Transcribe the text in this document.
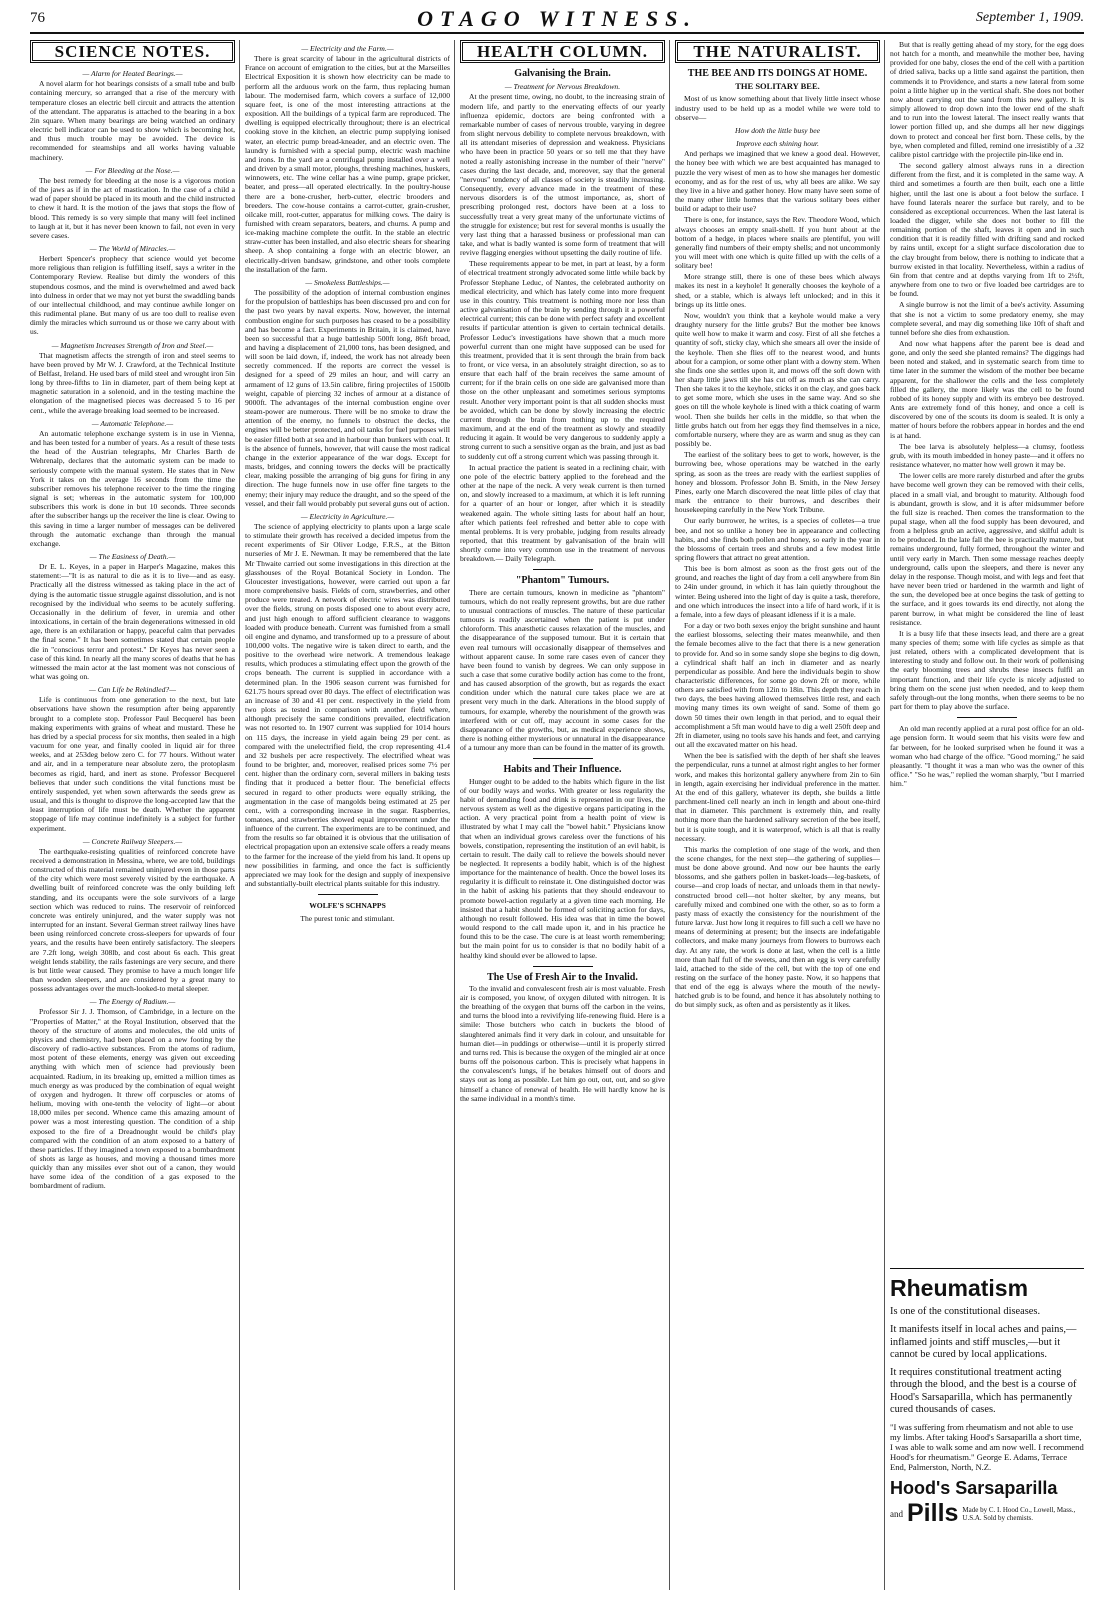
76	OTAGO WITNESS.	September 1, 1909.
SCIENCE NOTES.
— Alarm for Heated Bearings.—

A novel alarm for hot bearings consists of a small tube and bulb containing mercury, so arranged that a rise of the mercury with temperature closes an electric bell circuit and attracts the attention of the attendant. The apparatus is attached to the bearing in a box 2in square. When many bearings are being watched an ordinary electric bell indicator can be used to show which is becoming hot, and thus much trouble may be avoided. The device is recommended for steamships and all works having valuable machinery.

— For Bleeding at the Nose.—

The best remedy for bleeding at the nose is a vigorous motion of the jaws as if in the act of mastication. In the case of a child a wad of paper should be placed in its mouth and the child instructed to chew it hard. It is the motion of the jaws that stops the flow of blood. This remedy is so very simple that many will feel inclined to laugh at it, but it has never been known to fail, not even in very severe cases.

— The World of Miracles.—

Herbert Spencer's prophecy that science would yet become more religious than religion is fulfilling itself, says a writer in the Contemporary Review. Realise but dimly the wonders of this stupendous cosmos, and the mind is overwhelmed and awed back into dulness in order that we may not yet burst the swaddling bands of our intellectual childhood, and may continue awhile longer on this rudimental plane. But many of us are too dull to realise even dimly the miracles which surround us or those we carry about with us.

— Magnetism Increases Strength of Iron and Steel.—

That magnetism affects the strength of iron and steel seems to have been proved by Mr W. J. Crawford, at the Technical Institute of Belfast, Ireland. He used bars of mild steel and wrought iron 5in long by three-fifths to 1in in diameter, part of them being kept at magnetic saturation in a solenoid, and in the testing machine the elongation of the magnetised pieces was decreased 5 to 16 per cent., while the average breaking load seemed to be increased.

— Automatic Telephone.—

An automatic telephone exchange system is in use in Vienna, and has been tested for a number of years. As a result of these tests the head of the Austrian telegraphs, Mr Charles Barth de Wehrenalp, declares that the automatic system can be made to seriously compete with the manual system. He states that in New York it takes on the average 16 seconds from the time the subscriber removes his telephone receiver to the time the ringing signal is set; whereas in the automatic system for 100,000 subscribers this work is done in but 10 seconds. Three seconds after the subscriber hangs up the receiver the line is clear. Owing to this saving in time a larger number of messages can be delivered through the automatic exchange than through the manual exchange.

— The Easiness of Death.—

Dr E. L. Keyes, in a paper in Harper's Magazine, makes this statement:—"It is as natural to die as it is to live—and as easy. Practically all the distress witnessed as taking place in the act of dying is the automatic tissue struggle against dissolution, and is not recognised by the individual who seems to be acutely suffering. Occasionally in the delirium of fever, in uremia and other intoxications, in certain of the brain degenerations witnessed in old age, there is an exhilaration or happy, peaceful calm that pervades the final scene." It has been sometimes stated that certain people die in "conscious terror and protest." Dr Keyes has never seen a case of this kind. In nearly all the many scores of deaths that he has witnessed the main actor at the last moment was not conscious of what was going on.

— Can Life be Rekindled?—

Life is continuous from one generation to the next, but late observations have shown the resumption after being apparently brought to a complete stop. Professor Paul Becquerel has been making experiments with grains of wheat and mustard. These he has dried by a special process for six months, then sealed in a high vacuum for one year, and finally cooled in liquid air for three weeks, and at 253deg below zero C. for 77 hours. Without water and air, and in a temperature near absolute zero, the protoplasm becomes as rigid, hard, and inert as stone. Professor Becquerel believes that under such conditions the vital functions must be entirely suspended, yet when sown afterwards the seeds grew as usual, and this is thought to disprove the long-accepted law that the least interruption of life must be death. Whether the apparent stoppage of life may continue indefinitely is a subject for further experiment.

— Concrete Railway Sleepers.—

The earthquake-resisting qualities of reinforced concrete have received a demonstration in Messina, where, we are told, buildings constructed of this material remained uninjured even in those parts of the city which were most severely visited by the earthquake. A dwelling built of reinforced concrete was the only building left standing, and its occupants were the sole survivors of a large section which was reduced to ruins. The reservoir of reinforced concrete was entirely uninjured, and the water supply was not interrupted for an instant. Several German street railway lines have been using reinforced concrete cross-sleepers for upwards of four years, and the results have been entirely satisfactory. The sleepers are 7.2ft long, weigh 308lb, and cost about 6s each. This great weight lends stability, the rails fastenings are very secure, and there is but little wear caused. They promise to have a much longer life than wooden sleepers, and are considered by a great many to possess advantages over the much-looked-to metal sleeper.

— The Energy of Radium.—

Professor Sir J. J. Thomson, of Cambridge, in a lecture on the "Properties of Matter," at the Royal Institution, observed that the theory of the structure of atoms and molecules, the old units of physics and chemistry, had been placed on a new footing by the discovery of radio-active substances. From the atoms of radium, most potent of these elements, energy was given out exceeding anything with which men of science had previously been acquainted. Radium, in its breaking up, emitted a million times as much energy as was produced by the combination of equal weight of oxygen and hydrogen. It threw off corpuscles or atoms of helium, moving with one-tenth the velocity of light—or about 18,000 miles per second. Whence came this amazing amount of power was a most interesting question. The condition of a ship exposed to the fire of a Dreadnought would be child's play compared with the condition of an atom exposed to a battery of these particles. If they imagined a town exposed to a bombardment of shots as large as houses, and moving a thousand times more quickly than any missiles ever shot out of a canon, they would have some idea of the condition of a gas exposed to the bombardment of radium.

— Electricity and the Farm.—

There is great scarcity of labour in the agricultural districts of France on account of emigration to the cities, but at the Marseilles Electrical Exposition it is shown how electricity can be made to perform all the arduous work on the farm, thus replacing human labour. The modernised farm, which covers a surface of 12,000 square feet, is one of the most interesting attractions at the exposition. All the buildings of a typical farm are reproduced. The dwelling is equipped electrically throughout; there is an electrical cooking stove in the kitchen, an electric pump supplying ionised water, an electric pump bread-kneader, and an electric oven. The laundry is furnished with a special pump, electric wash machine and irons. In the yard are a centrifugal pump installed over a well and driven by a small motor, ploughs, threshing machines, huskers, winnowers, etc. The wine cellar has a wine pump, grape pricker, beater, and press—all operated electrically. In the poultry-house there are a bone-crusher, herb-cutter, electric brooders and breeders. The cow-house contains a carrot-cutter, grain-crusher, oilcake mill, root-cutter, apparatus for milking cows. The dairy is furnished with cream separators, beaters, and churns. A pump and ice-making machine complete the outfit. In the stable an electric straw-cutter has been installed, and also electric shears for shearing sheep. A shop containing a forge with an electric blower, an electrically-driven bandsaw, grindstone, and other tools complete the installation of the farm.

— Smokeless Battleships.—

The possibility of the adoption of internal combustion engines for the propulsion of battleships has been discussed pro and con for the past two years by naval experts. Now, however, the internal combustion engine for such purposes has ceased to be a possibility and has become a fact. Experiments in Britain, it is claimed, have been so successful that a huge battleship 500ft long, 86ft broad, and having a displacement of 21,000 tons, has been designed, and will soon be laid down, if, indeed, the work has not already been secretly commenced. If the reports are correct the vessel is designed for a speed of 29 miles an hour, and will carry an armament of 12 guns of 13.5in calibre, firing projectiles of 1500lb weight, capable of piercing 32 inches of armour at a distance of 9000ft. The advantages of the internal combustion engine over steam-power are numerous. There will be no smoke to draw the attention of the enemy, no funnels to obstruct the decks, the engines will be better protected, and oil tanks for fuel purposes will be easier filled both at sea and in harbour than bunkers with coal. It is the absence of funnels, however, that will cause the most radical change in the exterior appearance of the war dogs. Except for masts, bridges, and conning towers the decks will be practically clear, making possible the arranging of big guns for firing in any direction. The huge funnels now in use offer fine targets to the enemy; their injury may reduce the draught, and so the speed of the vessel, and their fall would probably put several guns out of action.

— Electricity in Agriculture.—

The science of applying electricity to plants upon a large scale to stimulate their growth has received a decided impetus from the recent experiments of Sir Oliver Lodge, F.R.S., at the Bitton nurseries of Mr J. E. Newman. It may be remembered that the late Mr Thwaite carried out some investigations in this direction at the glasshouses of the Royal Botanical Society in London. The Gloucester investigations, however, were carried out upon a far more comprehensive basis. Fields of corn, strawberries, and other produce were treated. A network of electric wires was distributed over the fields, strung on posts disposed one to about every acre, and just high enough to afford sufficient clearance to waggons loaded with produce beneath. Current was furnished from a small oil engine and dynamo, and transformed up to a pressure of about 100,000 volts. The negative wire is taken direct to earth, and the positive to the overhead wire network. A tremendous leakage results, which produces a stimulating effect upon the growth of the crops beneath. The current is supplied in accordance with a determined plan. In the 1906 season current was furnished for 621.75 hours spread over 80 days. The effect of electrification was an increase of 30 and 41 per cent. respectively in the yield from two plots as tested in comparison with another field where, although precisely the same conditions prevailed, electrification was not resorted to. In 1907 current was supplied for 1014 hours on 115 days, the increase in yield again being 29 per cent. as compared with the unelectrified field, the crop representing 41.4 and 32 bushels per acre respectively. The electrified wheat was found to be brighter, and, moreover, realised prices some 7½ per cent. higher than the ordinary corn, several millers in baking tests finding that it produced a better flour. The beneficial effects secured in regard to other products were equally striking, the augmentation in the case of mangolds being estimated at 25 per cent., with a corresponding increase in the sugar. Raspberries, tomatoes, and strawberries showed equal improvement under the influence of the current. The experiments are to be continued, and from the results so far obtained it is obvious that the utilisation of electrical propagation upon an extensive scale offers a ready means to the farmer for the increase of the yield from his land. It opens up new possibilities in farming, and once the fact is sufficiently appreciated we may look for the design and supply of inexpensive and substantially-built electrical plants suitable for this industry.

WOLFE'S SCHNAPPS
The purest tonic and stimulant.
HEALTH COLUMN.
Galvanising the Brain.
— Treatment for Nervous Breakdown.

At the present time, owing, no doubt, to the increasing strain of modern life, and partly to the enervating effects of our yearly influenza epidemic, doctors are being confronted with a remarkable number of cases of nervous trouble, varying in degree from slight nervous debility to complete nervous breakdown, with all its attendant miseries of depression and weakness. Physicians who have been in practice 50 years or so tell me that they have noted a really astonishing increase in the number of their "nerve" cases during the last decade, and, moreover, say that the general "nervous" tendency of all classes of society is steadily increasing. Consequently, every advance made in the treatment of these nervous disorders is of the utmost importance, as, short of prescribing prolonged rest, doctors have been at a loss to successfully treat a very great many of the unfortunate victims of the struggle for existence; but rest for several months is usually the very last thing that a harassed business or professional man can take, and what is badly wanted is some form of treatment that will revive flagging energies without upsetting the daily routine of life.

These requirements appear to be met, in part at least, by a form of electrical treatment strongly advocated some little while back by Professor Stephane Leduc, of Nantes, the celebrated authority on medical electricity, and which has lately come into more frequent use in this country. This treatment is nothing more nor less than active galvanisation of the brain by sending through it a powerful electrical current; this can be done with perfect safety and excellent results if particular attention is given to certain technical details. Professor Leduc's investigations have shown that a much more powerful current than one might have supposed can be used for this treatment, provided that it is sent through the brain from back to front, or vice versa, in an absolutely straight direction, so as to ensure that each half of the brain receives the same amount of current; for if the brain cells on one side are galvanised more than those on the other unpleasant and sometimes serious symptoms result. Another very important point is that all sudden shocks must be avoided, which can be done by slowly increasing the electric current through the brain from nothing up to the required maximum, and at the end of the treatment as slowly and steadily reducing it again. It would be very dangerous to suddenly apply a strong current to such a sensitive organ as the brain, and just as bad to suddenly cut off a strong current which was passing through it.

In actual practice the patient is seated in a reclining chair, with one pole of the electric battery applied to the forehead and the other at the nape of the neck. A very weak current is then turned on, and slowly increased to a maximum, at which it is left running for a quarter of an hour or longer, after which it is steadily weakened again. The whole sitting lasts for about half an hour, after which patients feel refreshed and better able to cope with mental problems. It is very probable, judging from results already reported, that this treatment by galvanisation of the brain will shortly come into very common use in the treatment of nervous breakdown.— Daily Telegraph.

"Phantom" Tumours.

There are certain tumours, known in medicine as "phantom" tumours, which do not really represent growths, but are due rather to unusual contractions of muscles. The nature of these particular tumours is readily ascertained when the patient is put under chloroform. This anæsthetic causes relaxation of the muscles, and the disappearance of the supposed tumour. But it is certain that even real tumours will occasionally disappear of themselves and without apparent cause. In some rare cases even of cancer they have been found to vanish by degrees. We can only suppose in such a case that some curative bodily action has come to the front, and has caused absorption of the growth, but as regards the exact condition under which the natural cure takes place we are at present very much in the dark. Alterations in the blood supply of tumours, for example, whereby the nourishment of the growth was interfered with or cut off, may account in some cases for the disappearance of the growths, but, as medical experience shows, there is nothing either mysterious or unnatural in the disappearance of a tumour any more than can be found in the matter of its growth.

Habits and Their Influence.

Hunger ought to be added to the habits which figure in the list of our bodily ways and works. With greater or less regularity the habit of demanding food and drink is represented in our lives, the nervous system as well as the digestive organs participating in the action. A very practical point from a health point of view is illustrated by what I may call the "bowel habit." Physicians know that when an individual grows careless over the functions of his bowels, constipation, representing the institution of an evil habit, is certain to result. The daily call to relieve the bowels should never be neglected. It represents a bodily habit, which is of the highest importance for the maintenance of health. Once the bowel loses its regularity it is difficult to reinstate it. One distinguished doctor was in the habit of asking his patients that they should endeavour to promote bowel-action regularly at a given time each morning. He insisted that a habit should be formed of soliciting action for days, although no result followed. His idea was that in time the bowel would respond to the call made upon it, and in his practice he found this to be the case. The cure is at least worth remembering; but the main point for us to consider is that no bodily habit of a healthy kind should ever be allowed to lapse.

The Use of Fresh Air to the Invalid.

To the invalid and convalescent fresh air is most valuable. Fresh air is composed, you know, of oxygen diluted with nitrogen. It is the breathing of the oxygen that burns off the carbon in the veins, and turns the blood into a revivifying life-renewing fluid. Here is a simile: Those butchers who catch in buckets the blood of slaughtered animals find it very dark in colour, and unsuitable for human diet—in puddings or otherwise—until it is properly stirred and turns red. This is because the oxygen of the mingled air at once burns off the poisonous carbon. This is precisely what happens in the convalescent's lungs, if he betakes himself out of doors and stays out as long as possible. Let him go out, out, out, and so give himself a chance of renewal of health. He will hardly know he is the same individual in a month's time.

THE NATURALIST.
THE BEE AND ITS DOINGS AT HOME.
THE SOLITARY BEE.

Most of us know something about that lively little insect whose industry used to be held up as a model while we were told to observe—

How doth the little busy bee
Improve each shining hour.

And perhaps we imagined that we knew a good deal. However, the honey bee with which we are best acquainted has managed to puzzle the very wisest of men as to how she manages her domestic economy, and as for the rest of us, why all bees are alike. We say they live in a hive and gather honey. How many have seen some of the many other little homes that the various solitary bees either build or adapt to their use?

There is one, for instance, says the Rev. Theodore Wood, which always chooses an empty snail-shell. If you hunt about at the bottom of a hedge, in places where snails are plentiful, you will generally find numbers of their empty shells; and not uncommonly you will meet with one which is quite filled up with the cells of a solitary bee!

More strange still, there is one of these bees which always makes its nest in a keyhole! It generally chooses the keyhole of a shed, or a stable, which is always left unlocked; and in this it brings up its little ones.

Now, wouldn't you think that a keyhole would make a very draughty nursery for the little grubs? But the mother bee knows quite well how to make it warm and cosy. First of all she fetches a quantity of soft, sticky clay, which she smears all over the inside of the keyhole. Then she flies off to the nearest wood, and hunts about for a campion, or some other plant with a downy stem. When she finds one she settles upon it, and mows off the soft down with her sharp little jaws till she has cut off as much as she can carry. Then she takes it to the keyhole, sticks it on the clay, and goes back to get some more, which she uses in the same way. And so she goes on till the whole keyhole is lined with a thick coating of warm wool. Then she builds her cells in the middle, so that when the little grubs hatch out from her eggs they find themselves in a nice, comfortable nursery, where they are as warm and snug as they can possibly be.

The earliest of the solitary bees to get to work, however, is the burrowing bee, whose operations may be watched in the early spring, as soon as the trees are ready with the earliest supplies of honey and blossom. Professor John B. Smith, in the New Jersey Pines, early one March discovered the neat little piles of clay that mark the entrance to their burrows, and describes their housekeeping carefully in the New York Tribune.

Our early burrower, he writes, is a species of colletes—a true bee, and not so unlike a honey bee in appearance and collecting habits, and she finds both pollen and honey, so early in the year in the blossoms of certain trees and shrubs and a few modest little spring flowers that attract no great attention.

This bee is born almost as soon as the frost gets out of the ground, and reaches the light of day from a cell anywhere from 8in to 24in under ground, in which it has lain quietly throughout the winter. Being ushered into the light of day is quite a task, therefore, and one which introduces the insect into a life of hard work, if it is a female, into a few days of pleasant idleness if it is a male.

For a day or two both sexes enjoy the bright sunshine and haunt the earliest blossoms, selecting their mates meanwhile, and then the female becomes alive to the fact that there is a new generation to provide for. And so in some sandy slope she begins to dig down, a cylindrical shaft half an inch in diameter and as nearly perpendicular as possible. And here the individuals begin to show characteristic differences, for some go down 2ft or more, while others are satisfied with from 12in to 18in. This depth they reach in two days, the bees having allowed themselves little rest, and each moving many times its own weight of sand. Some of them go down 50 times their own length in that period, and to equal their accomplishment a 5ft man would have to dig a well 250ft deep and 2ft in diameter, using no tools save his hands and feet, and carrying out all the excavated matter on his head.

When the bee is satisfied with the depth of her shaft she leaves the perpendicular, runs a tunnel at almost right angles to her former work, and makes this horizontal gallery anywhere from 2in to 6in in length, again exercising her individual preference in the matter. At the end of this gallery, whatever its depth, she builds a little parchment-lined cell nearly an inch in length and about one-third that in diameter. This parchment is extremely thin, and really nothing more than the hardened salivary secretion of the bee itself, but it is quite tough, and it is waterproof, which is all that is really necessary.

This marks the completion of one stage of the work, and then the scene changes, for the next step—the gathering of supplies—must be done above ground. And now our bee haunts the early blossoms, and she gathers pollen in basket-loads—leg-baskets, of course—and crop loads of nectar, and unloads them in that newly-constructed brood cell—not holter skelter, by any means, but carefully mixed and combined one with the other, so as to form a pasty mass of exactly the consistency for the nourishment of the future larvæ. Just how long it requires to fill such a cell we have no means of determining at present; but the insects are indefatigable collectors, and make many journeys from flowers to burrows each day. At any rate, the work is done at last, when the cell is a little more than half full of the sweets, and then an egg is very carefully laid, attached to the side of the cell, but with the top of one end resting on the surface of the honey paste. Now, it so happens that that end of the egg is always where the mouth of the newly-hatched grub is to be found, and hence it has absolutely nothing to do but simply suck, as often and as persistently as it likes.

But that is really getting ahead of my story, for the egg does not hatch for a month, and meanwhile the mother bee, having provided for one baby, closes the end of the cell with a partition of dried saliva, backs up a little sand against the partition, then commends it to Providence, and starts a new lateral from some point a little higher up in the vertical shaft. She does not bother now about carrying out the sand from this new gallery. It is simply allowed to drop down into the lower end of the shaft and to run into the lowest lateral. The insect really wants that lower portion filled up, and she dumps all her new diggings down to protect and conceal her first born. These cells, by the bye, when completed and filled, remind one irresistibly of a .32 calibre pistol cartridge with the projectile pin-like end in.

The second gallery almost always runs in a direction different from the first, and it is completed in the same way. A third and sometimes a fourth are then built, each one a little higher, until the last one is about a foot below the surface. I have found laterals nearer the surface but rarely, and to be considered as exceptional occurrences. When the last lateral is loaded the digger, while she does not bother to fill the remaining portion of the shaft, leaves it open and in such condition that it is readily filled with drifting sand and rocked by rains until, except for a slight surface discoloration due to the clay brought from below, there is nothing to indicate that a burrow existed in that locality. Nevertheless, within a radius of 6in from that centre and at depths varying from 1ft to 2½ft, anywhere from one to two or five loaded bee cartridges are to be found.

A single burrow is not the limit of a bee's activity. Assuming that she is not a victim to some predatory enemy, she may complete several, and may dig something like 10ft of shaft and tunnel before she dies from exhaustion.

And now what happens after the parent bee is dead and gone, and only the seed she planted remains? The diggings had been noted and staked, and in systematic search from time to time later in the summer the wisdom of the mother bee became apparent, for the shallower the cells and the less completely filled the gallery, the more likely was the cell to be found robbed of its honey supply and with its embryo bee destroyed. Ants are extremely fond of this honey, and once a cell is discovered by one of the scouts its doom is sealed. It is only a matter of hours before the robbers appear in hordes and the end is at hand.

The bee larva is absolutely helpless—a clumsy, footless grub, with its mouth imbedded in honey paste—and it offers no resistance whatever, no matter how well grown it may be.

The lower cells are more rarely disturbed and after the grubs have become well grown they can be removed with their cells, placed in a small vial, and brought to maturity. Although food is abundant, growth is slow, and it is after midsummer before the full size is reached. Then comes the transformation to the pupal stage, when all the food supply has been devoured, and from a helpless grub an active, aggressive, and skilful adult is to be produced. In the late fall the bee is practically mature, but remains underground, fully formed, throughout the winter and until very early in March. Then some message reaches deeply underground, calls upon the sleepers, and there is never any delay in the response. Though moist, and with legs and feet that have never been tried or hardened in the warmth and light of the sun, the developed bee at once begins the task of getting to the surface, and it goes towards its end directly, not along the parent burrow, in what might be considered the line of least resistance.

It is a busy life that these insects lead, and there are a great many species of them; some with life cycles as simple as that just related, others with a complicated development that is interesting to study and follow out. In their work of pollenising the early blooming trees and shrubs these insects fulfil an important function, and their life cycle is nicely adjusted to bring them on the scene just when needed, and to keep them safely through-out the long months, when there seems to be no part for them to play above the surface.

An old man recently applied at a rural post office for an old-age pension form. It would seem that his visits were few and far between, for he looked surprised when he found it was a woman who had charge of the office. "Good morning," he said pleasantly. "I thought it was a man who was the owner of this office." "So he was," replied the woman sharply, "but I married him."

Rheumatism

Is one of the constitutional diseases.

It manifests itself in local aches and pains,—inflamed joints and stiff muscles,—but it cannot be cured by local applications.

It requires constitutional treatment acting through the blood, and the best is a course of Hood's Sarsaparilla, which has permanently cured thousands of cases.

"I was suffering from rheumatism and not able to use my limbs. After taking Hood's Sarsaparilla a short time, I was able to walk some and am now well. I recommend Hood's for rheumatism." George E. Adams, Terrace End, Palmerston, North, N.Z.

Hood's Sarsaparilla
and Pills Made by C. I. Hood Co., Lowell, Mass., U.S.A. Sold by chemists.
